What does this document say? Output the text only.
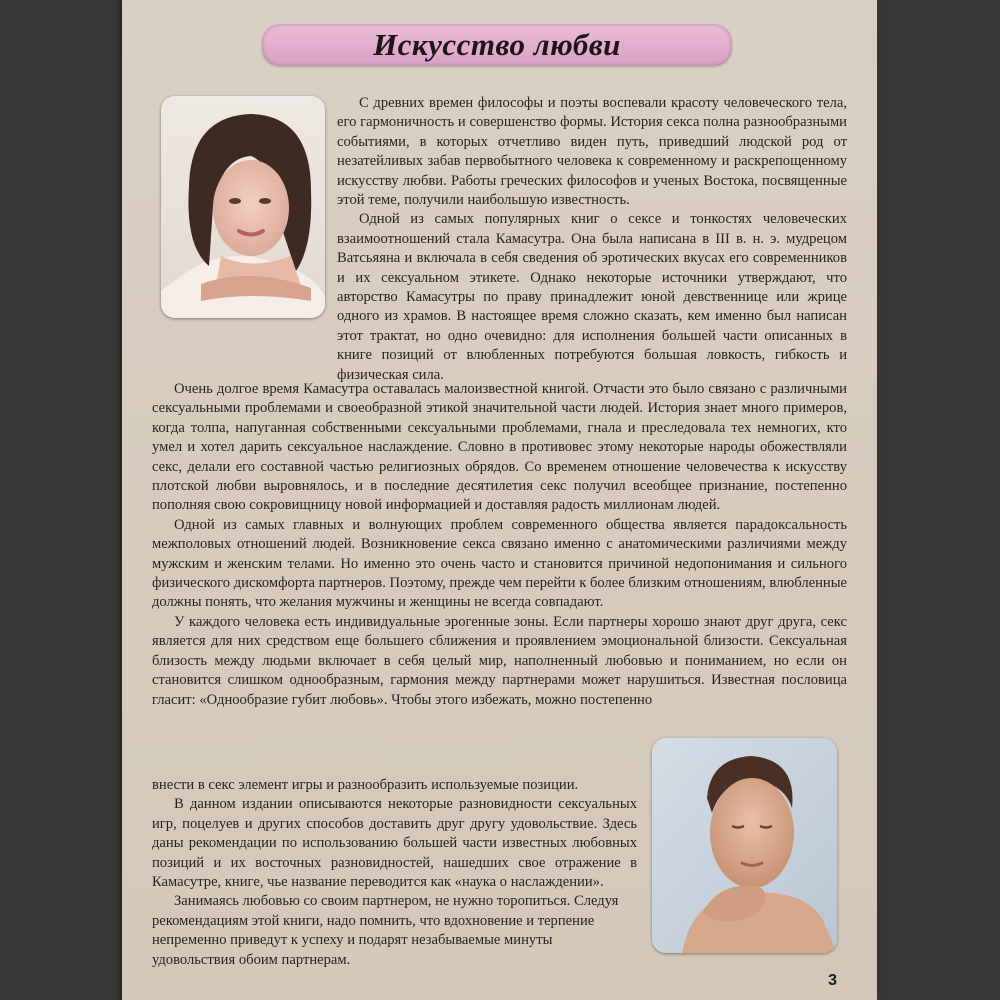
Искусство любви

С древних времен философы и поэты воспевали красоту человеческого тела, его гармоничность и совершенство формы. История секса полна разнообразными событиями, в которых отчетливо виден путь, приведший людской род от незатейливых забав первобытного человека к современному и раскрепощенному искусству любви. Работы греческих философов и ученых Востока, посвященные этой теме, получили наибольшую известность.

Одной из самых популярных книг о сексе и тонкостях человеческих взаимоотношений стала Камасутра. Она была написана в III в. н. э. мудрецом Ватсьяяна и включала в себя сведения об эротических вкусах его современников и их сексуальном этикете. Однако некоторые источники утверждают, что авторство Камасутры по праву принадлежит юной девственнице или жрице одного из храмов. В настоящее время сложно сказать, кем именно был написан этот трактат, но одно очевидно: для исполнения большей части описанных в книге позиций от влюбленных потребуются большая ловкость, гибкость и физическая сила.

Очень долгое время Камасутра оставалась малоизвестной книгой. Отчасти это было связано с различными сексуальными проблемами и своеобразной этикой значительной части людей. История знает много примеров, когда толпа, напуганная собственными сексуальными проблемами, гнала и преследовала тех немногих, кто умел и хотел дарить сексуальное наслаждение. Словно в противовес этому некоторые народы обожествляли секс, делали его составной частью религиозных обрядов. Со временем отношение человечества к искусству плотской любви выровнялось, и в последние десятилетия секс получил всеобщее признание, постепенно пополняя свою сокровищницу новой информацией и доставляя радость миллионам людей.

Одной из самых главных и волнующих проблем современного общества является парадоксальность межполовых отношений людей. Возникновение секса связано именно с анатомическими различиями между мужским и женским телами. Но именно это очень часто и становится причиной недопонимания и сильного физического дискомфорта партнеров. Поэтому, прежде чем перейти к более близким отношениям, влюбленные должны понять, что желания мужчины и женщины не всегда совпадают.

У каждого человека есть индивидуальные эрогенные зоны. Если партнеры хорошо знают друг друга, секс является для них средством еще большего сближения и проявлением эмоциональной близости. Сексуальная близость между людьми включает в себя целый мир, наполненный любовью и пониманием, но если он становится слишком однообразным, гармония между партнерами может нарушиться. Известная пословица гласит: «Однообразие губит любовь». Чтобы этого избежать, можно постепенно

внести в секс элемент игры и разнообразить используемые позиции.

В данном издании описываются некоторые разновидности сексуальных игр, поцелуев и других способов доставить друг другу удовольствие. Здесь даны рекомендации по использованию большей части известных любовных позиций и их восточных разновидностей, нашедших свое отражение в Камасутре, книге, чье название переводится как «наука о наслаждении».

Занимаясь любовью со своим партнером, не нужно торопиться. Следуя рекомендациям этой книги, надо помнить, что вдохновение и терпение непременно приведут к успеху и подарят незабываемые минуты удовольствия обоим партнерам.

3
